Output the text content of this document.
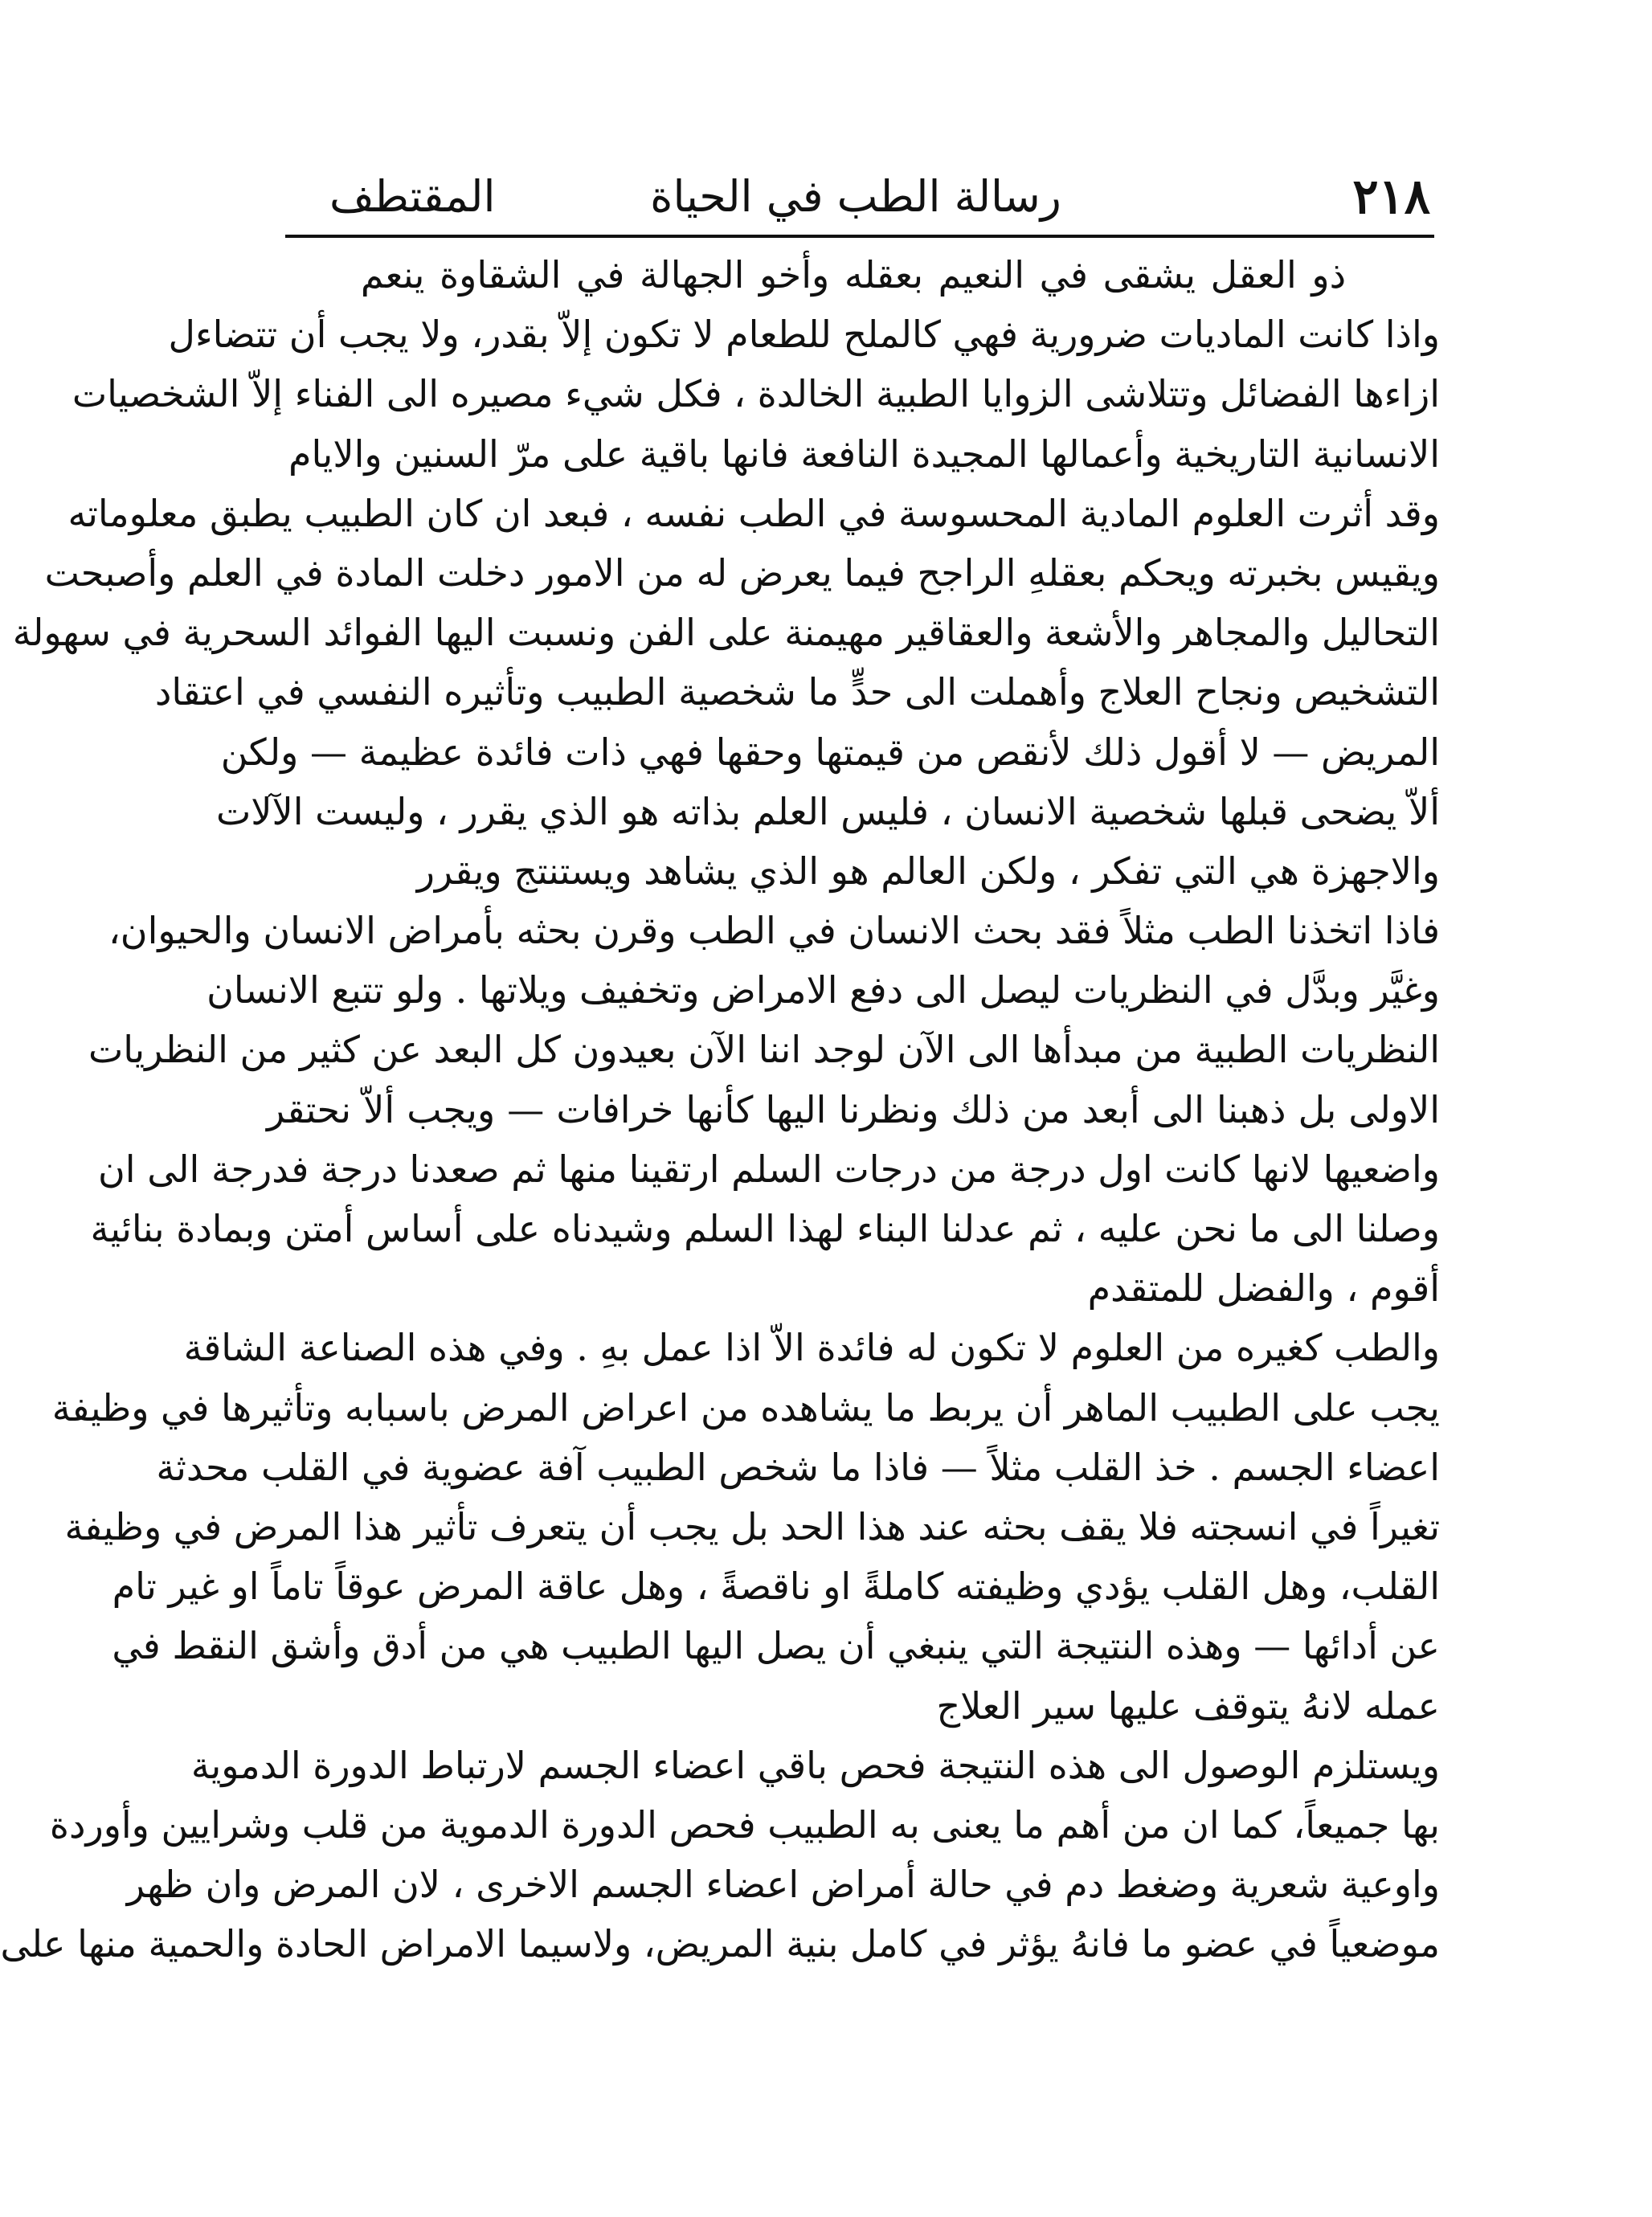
٢١٨
رسالة الطب في الحياة
المقتطف
ذو العقل يشقى في النعيم بعقله وأخو الجهالة في الشقاوة ينعم
واذا كانت الماديات ضرورية فهي كالملح للطعام لا تكون إلاّ بقدر، ولا يجب أن تتضاءل
ازاءها الفضائل وتتلاشى الزوايا الطبية الخالدة ، فكل شيء مصيره الى الفناء إلاّ الشخصيات
الانسانية التاريخية وأعمالها المجيدة النافعة فانها باقية على مرّ السنين والايام
وقد أثرت العلوم المادية المحسوسة في الطب نفسه ، فبعد ان كان الطبيب يطبق معلوماته
ويقيس بخبرته ويحكم بعقلهِ الراجح فيما يعرض له من الامور دخلت المادة في العلم وأصبحت
التحاليل والمجاهر والأشعة والعقاقير مهيمنة على الفن ونسبت اليها الفوائد السحرية في سهولة
التشخيص ونجاح العلاج وأهملت الى حدٍّ ما شخصية الطبيب وتأثيره النفسي في اعتقاد
المريض — لا أقول ذلك لأنقص من قيمتها وحقها فهي ذات فائدة عظيمة — ولكن
ألاّ يضحى قبلها شخصية الانسان ، فليس العلم بذاته هو الذي يقرر ، وليست الآلات
والاجهزة هي التي تفكر ، ولكن العالم هو الذي يشاهد ويستنتج ويقرر
فاذا اتخذنا الطب مثلاً فقد بحث الانسان في الطب وقرن بحثه بأمراض الانسان والحيوان،
وغيَّر وبدَّل في النظريات ليصل الى دفع الامراض وتخفيف ويلاتها . ولو تتبع الانسان
النظريات الطبية من مبدأها الى الآن لوجد اننا الآن بعيدون كل البعد عن كثير من النظريات
الاولى بل ذهبنا الى أبعد من ذلك ونظرنا اليها كأنها خرافات — ويجب ألاّ نحتقر
واضعيها لانها كانت اول درجة من درجات السلم ارتقينا منها ثم صعدنا درجة فدرجة الى ان
وصلنا الى ما نحن عليه ، ثم عدلنا البناء لهذا السلم وشيدناه على أساس أمتن وبمادة بنائية
أقوم ، والفضل للمتقدم
والطب كغيره من العلوم لا تكون له فائدة الاّ اذا عمل بهِ . وفي هذه الصناعة الشاقة
يجب على الطبيب الماهر أن يربط ما يشاهده من اعراض المرض باسبابه وتأثيرها في وظيفة
اعضاء الجسم . خذ القلب مثلاً — فاذا ما شخص الطبيب آفة عضوية في القلب محدثة
تغيراً في انسجته فلا يقف بحثه عند هذا الحد بل يجب أن يتعرف تأثير هذا المرض في وظيفة
القلب، وهل القلب يؤدي وظيفته كاملةً او ناقصةً ، وهل عاقة المرض عوقاً تاماً او غير تام
عن أدائها — وهذه النتيجة التي ينبغي أن يصل اليها الطبيب هي من أدق وأشق النقط في
عمله لانهُ يتوقف عليها سير العلاج
ويستلزم الوصول الى هذه النتيجة فحص باقي اعضاء الجسم لارتباط الدورة الدموية
بها جميعاً، كما ان من أهم ما يعنى به الطبيب فحص الدورة الدموية من قلب وشرايين وأوردة
واوعية شعرية وضغط دم في حالة أمراض اعضاء الجسم الاخرى ، لان المرض وان ظهر
موضعياً في عضو ما فانهُ يؤثر في كامل بنية المريض، ولاسيما الامراض الحادة والحمية منها على
